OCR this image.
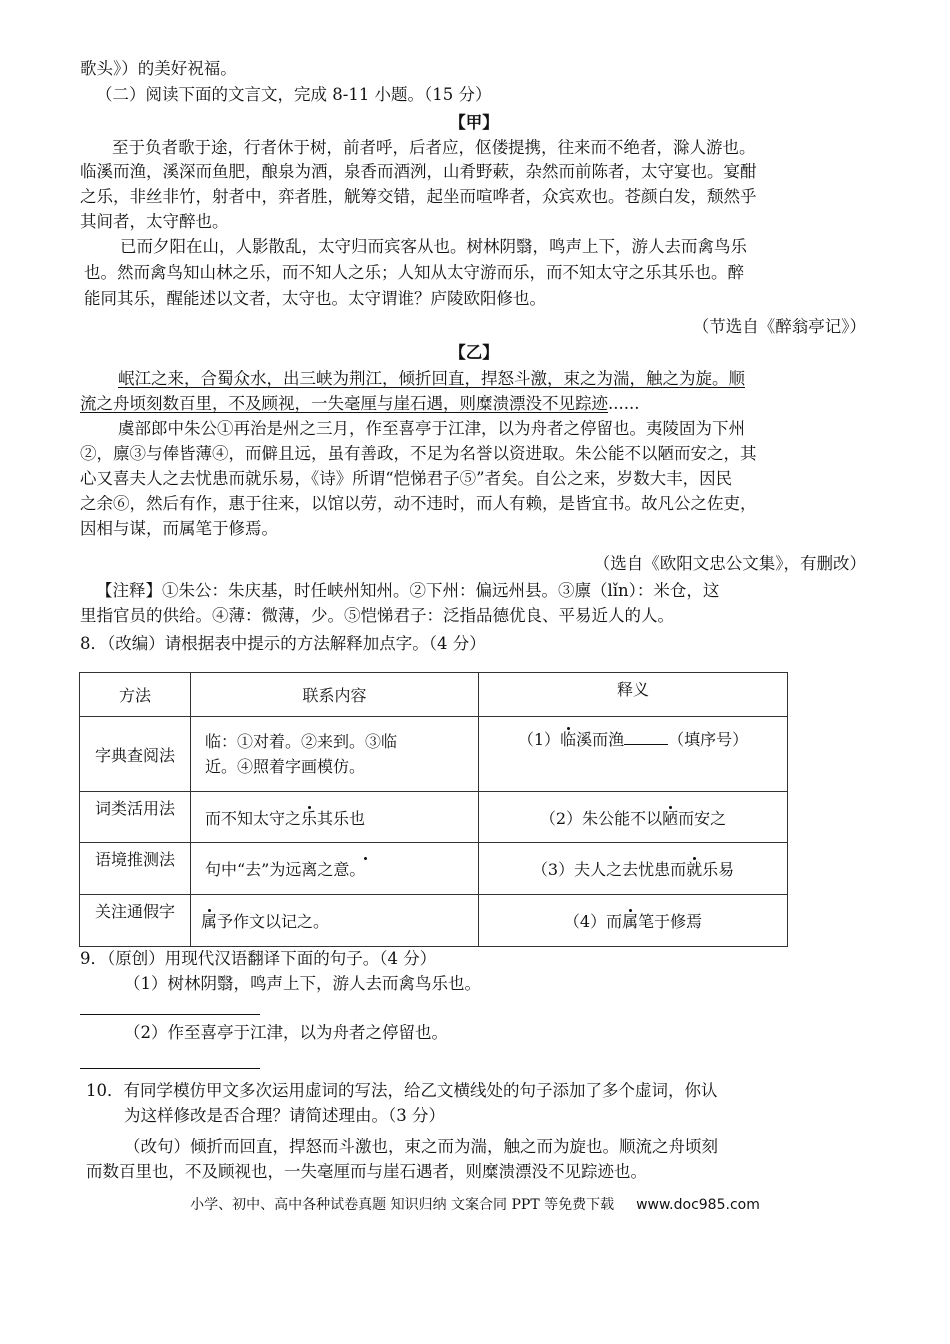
歌头》）的美好祝福。
（二）阅读下面的文言文，完成 8-11 小题。（15 分）
【甲】
至于负者歌于途，行者休于树，前者呼，后者应，伛偻提携，往来而不绝者，滁人游也。
临溪而渔，溪深而鱼肥，酿泉为酒，泉香而酒洌，山肴野蔌，杂然而前陈者，太守宴也。宴酣
之乐，非丝非竹，射者中，弈者胜，觥筹交错，起坐而喧哗者，众宾欢也。苍颜白发，颓然乎
其间者，太守醉也。
已而夕阳在山，人影散乱，太守归而宾客从也。树林阴翳，鸣声上下，游人去而禽鸟乐
也。然而禽鸟知山林之乐，而不知人之乐；人知从太守游而乐，而不知太守之乐其乐也。醉
能同其乐，醒能述以文者，太守也。太守谓谁？庐陵欧阳修也。
（节选自《醉翁亭记》）
【乙】
岷江之来，合蜀众水，出三峡为荆江，倾折回直，捍怒斗激，束之为湍，触之为旋。顺
流之舟顷刻数百里，不及顾视，一失毫厘与崖石遇，则糜溃漂没不见踪迹......
虞部郎中朱公①再治是州之三月，作至喜亭于江津，以为舟者之停留也。夷陵固为下州
②，廪③与俸皆薄④，而僻且远，虽有善政，不足为名誉以资进取。朱公能不以陋而安之，其
心又喜夫人之去忧患而就乐易，《诗》所谓“恺悌君子⑤”者矣。自公之来，岁数大丰，因民
之余⑥，然后有作，惠于往来，以馆以劳，动不违时，而人有赖，是皆宜书。故凡公之佐吏，
因相与谋，而属笔于修焉。
（选自《欧阳文忠公文集》，有删改）
【注释】①朱公：朱庆基，时任峡州知州。②下州：偏远州县。③廪（lǐn）：米仓，这
里指官员的供给。④薄：微薄，少。⑤恺悌君子：泛指品德优良、平易近人的人。
8．（改编）请根据表中提示的方法解释加点字。（4 分）
方法	联系内容	释义
字典查阅法	临：①对着。②来到。③临
近。④照着字画模仿。	（1）临溪而渔 （填序号）
词类活用法	而不知太守之乐其乐也	（2）朱公能不以陋而安之
语境推测法	句中“去”为远离之意。	（3）夫人之去忧患而就乐易
关注通假字	属予作文以记之。	（4）而属笔于修焉
9．（原创）用现代汉语翻译下面的句子。（4 分）
（1）树林阴翳，鸣声上下，游人去而禽鸟乐也。
（2）作至喜亭于江津，以为舟者之停留也。
10．有同学模仿甲文多次运用虚词的写法，给乙文横线处的句子添加了多个虚词，你认
为这样修改是否合理？请简述理由。（3 分）
（改句）倾折而回直，捍怒而斗激也，束之而为湍，触之而为旋也。顺流之舟顷刻
而数百里也，不及顾视也，一失毫厘而与崖石遇者，则糜溃漂没不见踪迹也。
小学、初中、高中各种试卷真题 知识归纳 文案合同 PPT 等免费下载 www.doc985.com
